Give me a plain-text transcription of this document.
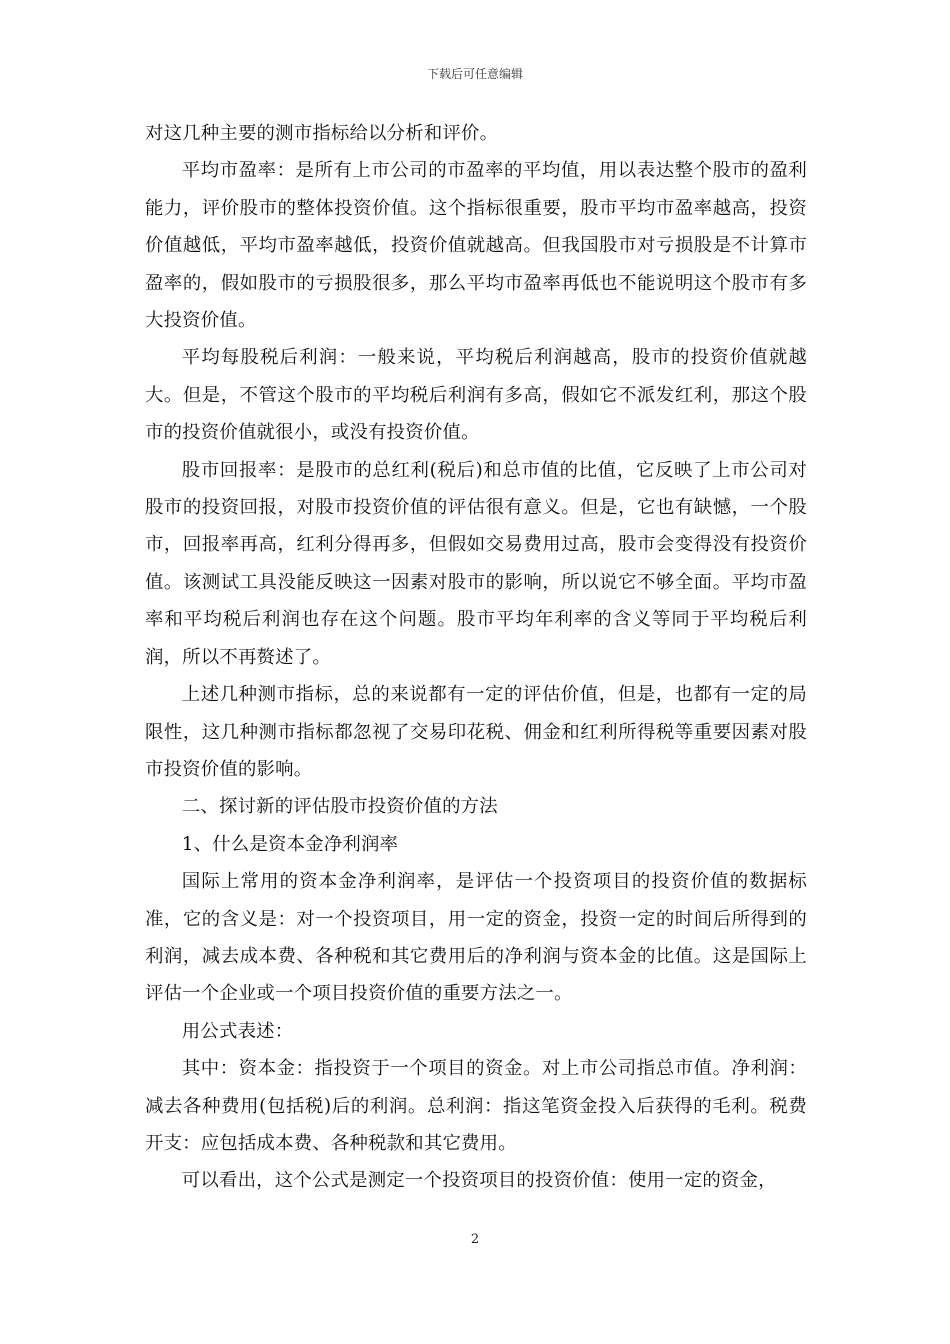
下载后可任意编辑

对这几种主要的测市指标给以分析和评价。

平均市盈率：是所有上市公司的市盈率的平均值，用以表达整个股市的盈利能力，评价股市的整体投资价值。这个指标很重要，股市平均市盈率越高，投资价值越低，平均市盈率越低，投资价值就越高。但我国股市对亏损股是不计算市盈率的，假如股市的亏损股很多，那么平均市盈率再低也不能说明这个股市有多大投资价值。

平均每股税后利润：一般来说，平均税后利润越高，股市的投资价值就越大。但是，不管这个股市的平均税后利润有多高，假如它不派发红利，那这个股市的投资价值就很小，或没有投资价值。

股市回报率：是股市的总红利(税后)和总市值的比值，它反映了上市公司对股市的投资回报，对股市投资价值的评估很有意义。但是，它也有缺憾，一个股市，回报率再高，红利分得再多，但假如交易费用过高，股市会变得没有投资价值。该测试工具没能反映这一因素对股市的影响，所以说它不够全面。平均市盈率和平均税后利润也存在这个问题。股市平均年利率的含义等同于平均税后利润，所以不再赘述了。

上述几种测市指标，总的来说都有一定的评估价值，但是，也都有一定的局限性，这几种测市指标都忽视了交易印花税、佣金和红利所得税等重要因素对股市投资价值的影响。

二、探讨新的评估股市投资价值的方法

1、什么是资本金净利润率

国际上常用的资本金净利润率，是评估一个投资项目的投资价值的数据标准，它的含义是：对一个投资项目，用一定的资金，投资一定的时间后所得到的利润，减去成本费、各种税和其它费用后的净利润与资本金的比值。这是国际上评估一个企业或一个项目投资价值的重要方法之一。

用公式表述：

其中：资本金：指投资于一个项目的资金。对上市公司指总市值。净利润：减去各种费用(包括税)后的利润。总利润：指这笔资金投入后获得的毛利。税费开支：应包括成本费、各种税款和其它费用。

可以看出，这个公式是测定一个投资项目的投资价值：使用一定的资金，

2
